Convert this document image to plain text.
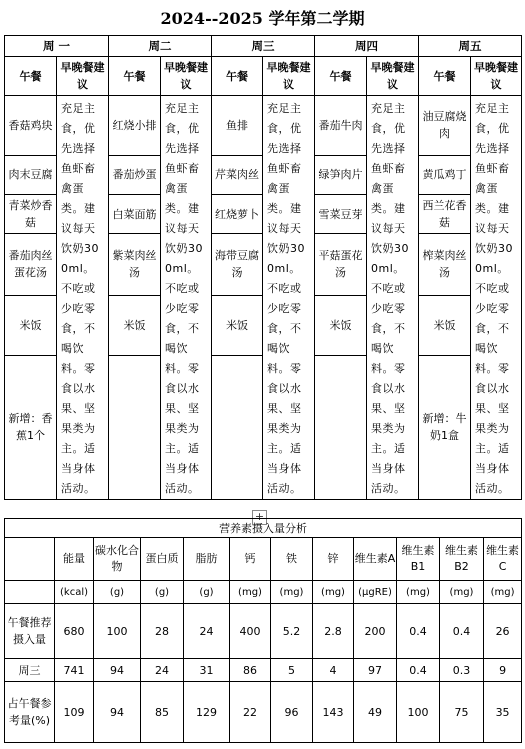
2024--2025 学年第二学期
周 一		周二		周三		周四		周五	
午餐	早晚餐建议	午餐	早晚餐建议	午餐	早晚餐建议	午餐	早晚餐建议	午餐	早晚餐建议
香菇鸡块	充足主食，优先选择鱼虾畜禽蛋类。建议每天饮奶300ml。不吃或少吃零食，不喝饮料。零食以水果、坚果类为主。适当身体活动。	红烧小排	充足主食，优先选择鱼虾畜禽蛋类。建议每天饮奶300ml。不吃或少吃零食，不喝饮料。零食以水果、坚果类为主。适当身体活动。	鱼排	充足主食，优先选择鱼虾畜禽蛋类。建议每天饮奶300ml。不吃或少吃零食，不喝饮料。零食以水果、坚果类为主。适当身体活动。	番茄牛肉	充足主食，优先选择鱼虾畜禽蛋类。建议每天饮奶300ml。不吃或少吃零食，不喝饮料。零食以水果、坚果类为主。适当身体活动。	油豆腐烧肉	充足主食，优先选择鱼虾畜禽蛋类。建议每天饮奶300ml。不吃或少吃零食，不喝饮料。零食以水果、坚果类为主。适当身体活动。
肉末豆腐		番茄炒蛋		芹菜肉丝		绿笋肉片		黄瓜鸡丁	
青菜炒香菇		白菜面筋		红烧萝卜		雪菜豆芽		西兰花香菇	
番茄肉丝蛋花汤		紫菜肉丝汤		海带豆腐汤		平菇蛋花汤		榨菜肉丝汤	
米饭		米饭		米饭		米饭		米饭	
新增：香蕉1个								新增：牛奶1盒	
+
营养素摄入量分析											
	能量	碳水化合物	蛋白质	脂肪	钙	铁	锌	维生素A	维生素B1	维生素B2	维生素C
	(kcal)	(g)	(g)	(g)	(mg)	(mg)	(mg)	(μgRE)	(mg)	(mg)	(mg)
午餐推荐摄入量	680	100	28	24	400	5.2	2.8	200	0.4	0.4	26
周三	741	94	24	31	86	5	4	97	0.4	0.3	9
占午餐参考量(%)	109	94	85	129	22	96	143	49	100	75	35
